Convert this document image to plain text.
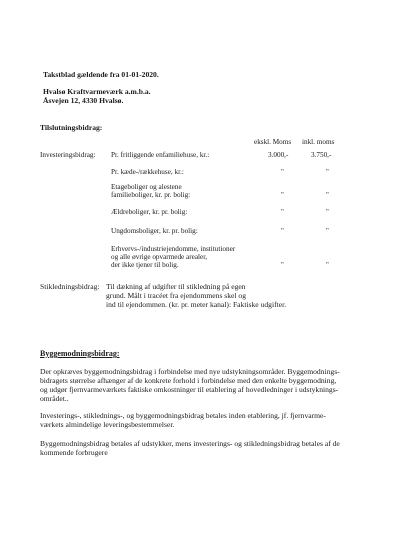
Takstblad gældende fra 01-01-2020.
Hvalsø Kraftvarmeværk a.m.b.a.
Åsvejen 12, 4330 Hvalsø.
Tilslutningsbidrag:
ekskl. Moms inkl. moms
Investeringsbidrag: Pr. fritliggende enfamiliehuse, kr.:	3.000,-	3.750,-
Pr. kæde-/rækkehuse, kr.:	"	"
Etageboliger og alestene
familieboliger, kr. pr. bolig:	"	"
Ældreboliger, kr. pr. bolig:	"	"
Ungdomsboliger, kr. pr. bolig:	"	"
Erhvervs-/industriejendomme, institutioner
og alle øvrige opvarmede arealer,
der ikke tjener til bolig.	"	"
Stikledningsbidrag: Til dækning af udgifter til stikledning på egen
grund. Målt i tracéet fra ejendommens skel og
ind til ejendommen. (kr. pr. meter kanal): Faktiske udgifter.
Byggemodningsbidrag:
Der opkræves byggemodningsbidrag i forbindelse med nye udstykningsområder. Byggemodnings-
bidragets størrelse afhænger af de konkrete forhold i forbindelse med den enkelte byggemodning,
og udgør fjernvarmeværkets faktiske omkostninger til etablering af hovedledninger i udstyknings-
området..
Investerings-, stiklednings-, og byggemodningsbidrag betales inden etablering, jf. fjernvarme-
værkets almindelige leveringsbestemmelser.
Byggemodningsbidrag betales af udstykker, mens investerings- og stikledningsbidrag betales af de
kommende forbrugere
